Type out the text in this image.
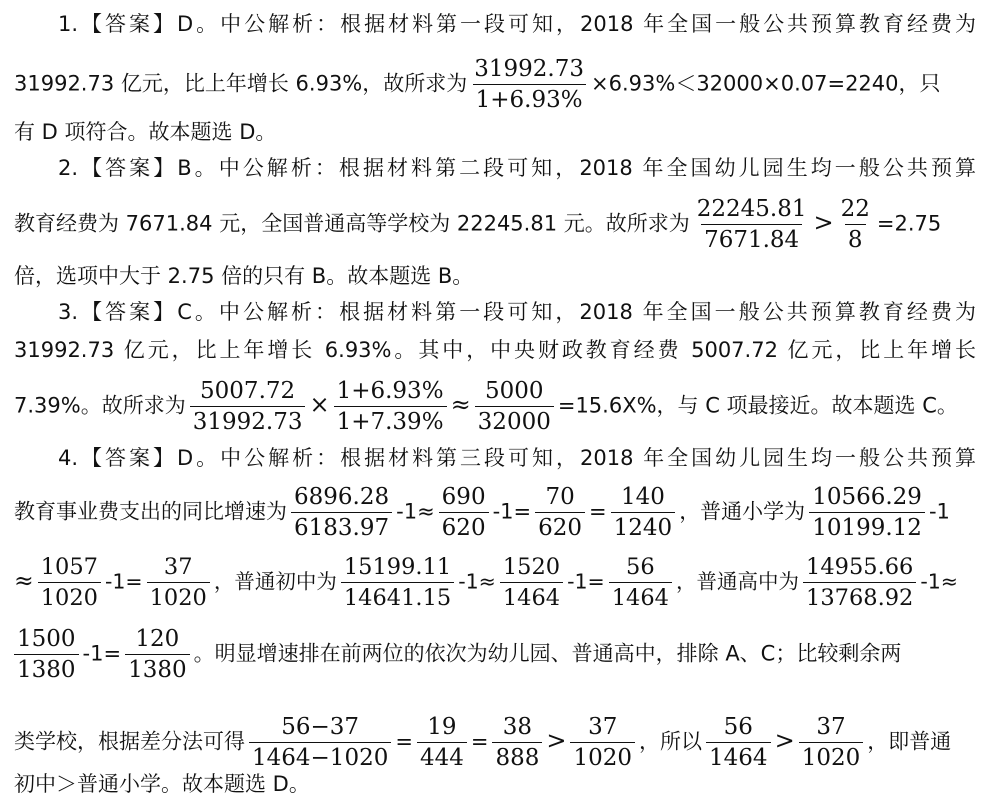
1.【答案】D。中公解析：根据材料第一段可知，2018 年全国一般公共预算教育经费为
31992.73 亿元，比上年增长 6.93%，故所求为 $\frac{31992.73}{1+6.93\%} \times 6.93\%<32000\times 0.07=2240$，只
有 D 项符合。故本题选 D。
2.【答案】B。中公解析：根据材料第二段可知，2018 年全国幼儿园生均一般公共预算
教育经费为 7671.84 元，全国普通高等学校为 22245.81 元。故所求为 $\frac{22245.81}{7671.84} > \frac{22}{8} =2.75$
倍，选项中大于 2.75 倍的只有 B。故本题选 B。
3.【答案】C。中公解析：根据材料第一段可知，2018 年全国一般公共预算教育经费为
31992.73 亿元，比上年增长 6.93%。其中，中央财政教育经费 5007.72 亿元，比上年增长
7.39%。故所求为 $\frac{5007.72}{31992.73} \times \frac{1+6.93\%}{1+7.39\%} \approx \frac{5000}{32000} =15.6X\%$，与 C 项最接近。故本题选 C。
4.【答案】D。中公解析：根据材料第三段可知，2018 年全国幼儿园生均一般公共预算
教育事业费支出的同比增速为 $\frac{6896.28}{6183.97} -1\approx \frac{690}{620} -1= \frac{70}{620} = \frac{140}{1240}$ ，普通小学为 $\frac{10566.29}{10199.12} -1$
≈ $\frac{1057}{1020} -1= \frac{37}{1020}$ ，普通初中为 $\frac{15199.11}{14641.15} -1\approx \frac{1520}{1464} -1= \frac{56}{1464}$ ，普通高中为 $\frac{14955.66}{13768.92} -1\approx$
$\frac{1500}{1380} -1= \frac{120}{1380}$ 。明显增速排在前两位的依次为幼儿园、普通高中，排除 A、C；比较剩余两
类学校，根据差分法可得 $\frac{56-37}{1464-1020} = \frac{19}{444} = \frac{38}{888} > \frac{37}{1020}$ ，所以 $\frac{56}{1464} > \frac{37}{1020}$ ，即普通
初中＞普通小学。故本题选 D。
